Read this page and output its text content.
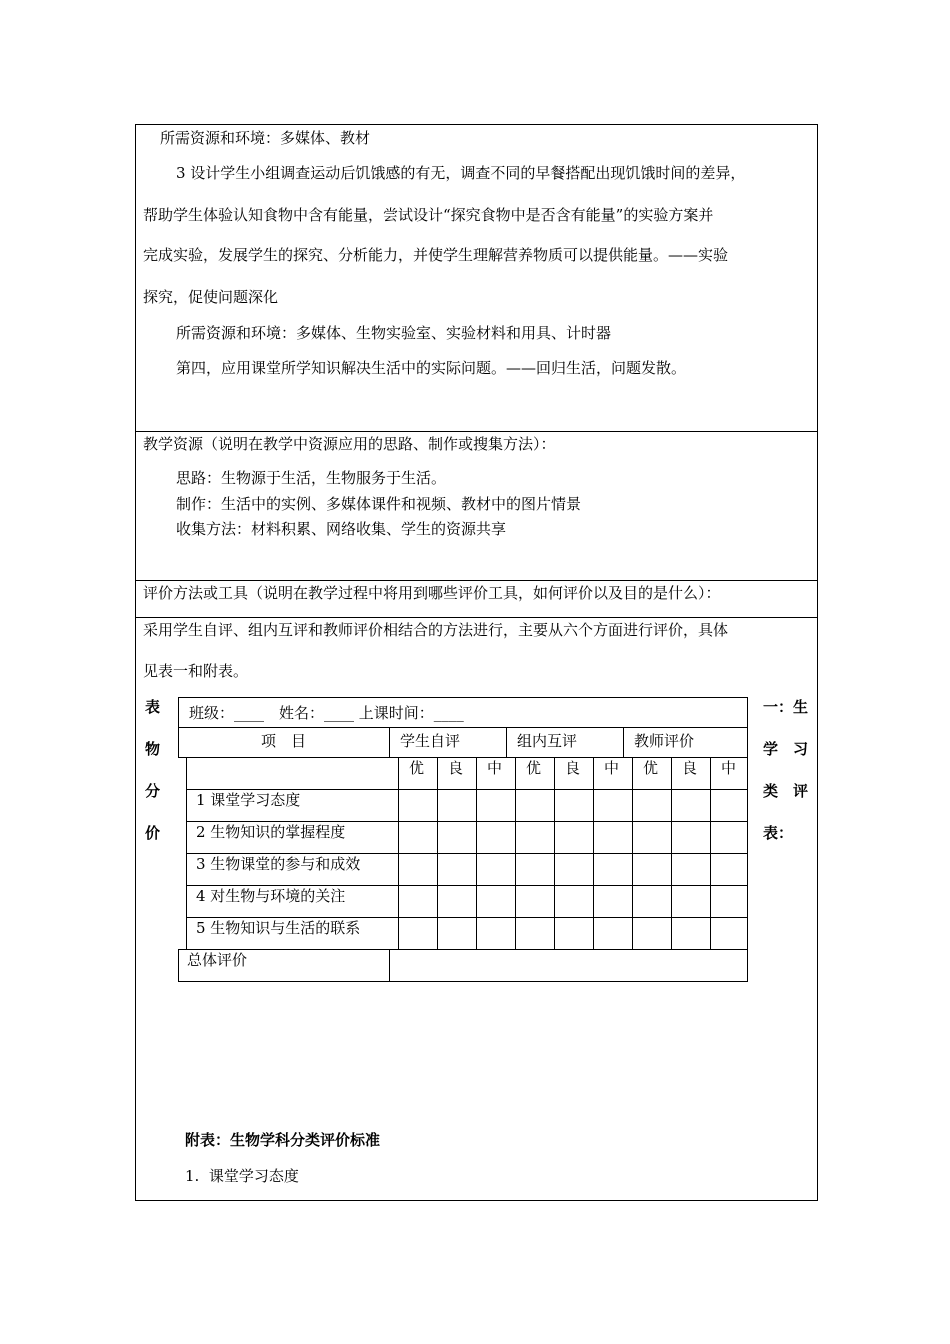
所需资源和环境：多媒体、教材
3 设计学生小组调查运动后饥饿感的有无，调查不同的早餐搭配出现饥饿时间的差异，
帮助学生体验认知食物中含有能量，尝试设计“探究食物中是否含有能量”的实验方案并
完成实验，发展学生的探究、分析能力，并使学生理解营养物质可以提供能量。——实验
探究，促使问题深化
所需资源和环境：多媒体、生物实验室、实验材料和用具、计时器
第四，应用课堂所学知识解决生活中的实际问题。——回归生活，问题发散。
教学资源（说明在教学中资源应用的思路、制作或搜集方法）：
思路：生物源于生活，生物服务于生活。
制作：生活中的实例、多媒体课件和视频、教材中的图片情景
收集方法：材料积累、网络收集、学生的资源共享
评价方法或工具（说明在教学过程中将用到哪些评价工具，如何评价以及目的是什么）：
采用学生自评、组内互评和教师评价相结合的方法进行，主要从六个方面进行评价，具体
见表一和附表。
表
物
分
价
一：生
学　习
类　评
表：
班级：____　姓名：____ 上课时间：____
项　目	学生自评	组内互评	教师评价
优 良 中 优 良 中 优 良 中
1 课堂学习态度
2 生物知识的掌握程度
3 生物课堂的参与和成效
4 对生物与环境的关注
5 生物知识与生活的联系
总体评价
附表：生物学科分类评价标准
1.  课堂学习态度
